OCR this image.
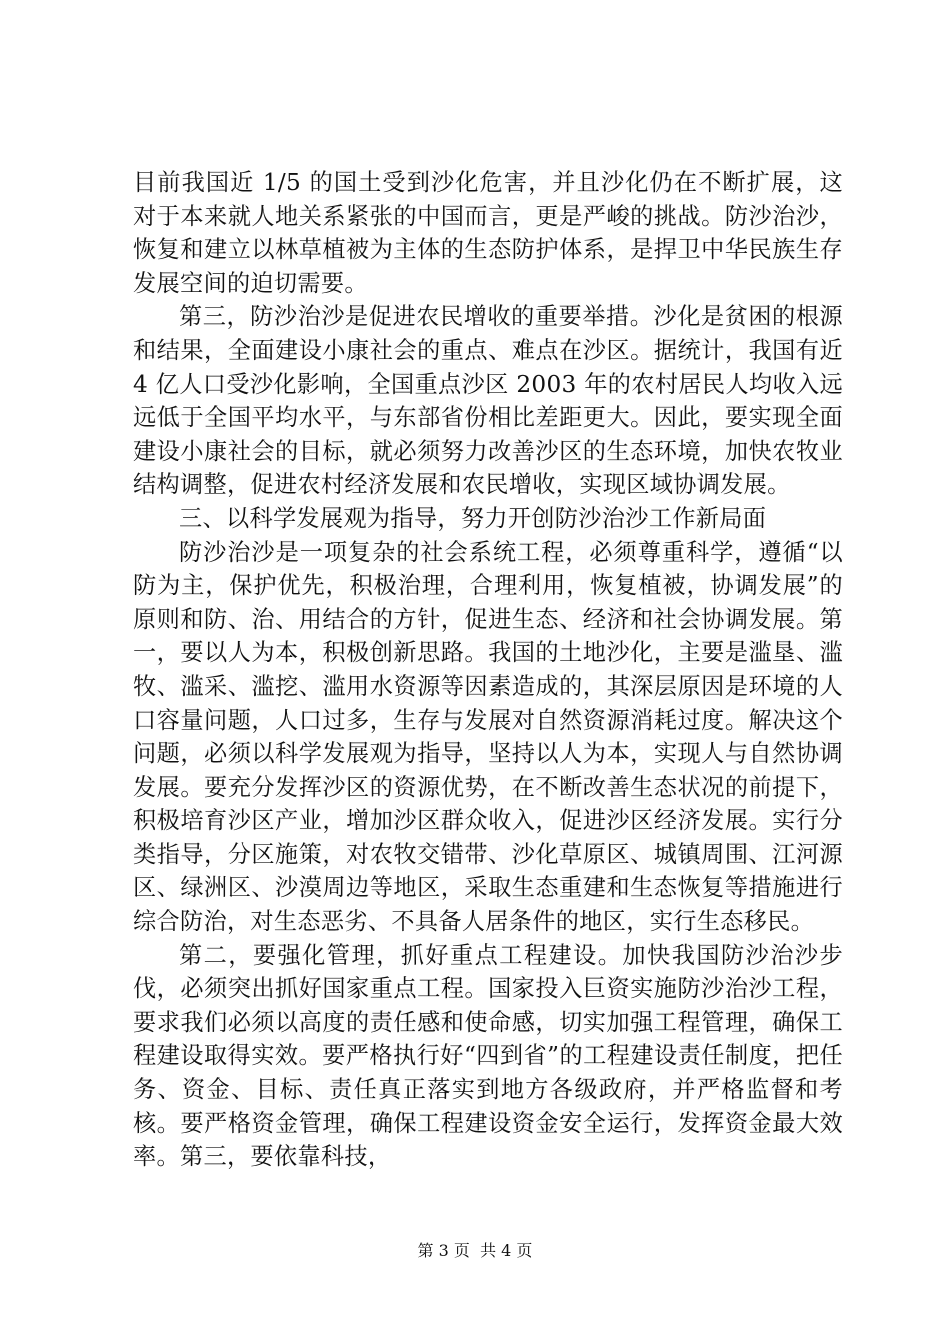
目前我国近 1/5 的国土受到沙化危害，并且沙化仍在不断扩展，这对于本来就人地关系紧张的中国而言，更是严峻的挑战。防沙治沙，恢复和建立以林草植被为主体的生态防护体系，是捍卫中华民族生存发展空间的迫切需要。

第三，防沙治沙是促进农民增收的重要举措。沙化是贫困的根源和结果，全面建设小康社会的重点、难点在沙区。据统计，我国有近 4 亿人口受沙化影响，全国重点沙区 2003 年的农村居民人均收入远远低于全国平均水平，与东部省份相比差距更大。因此，要实现全面建设小康社会的目标，就必须努力改善沙区的生态环境，加快农牧业结构调整，促进农村经济发展和农民增收，实现区域协调发展。

三、以科学发展观为指导，努力开创防沙治沙工作新局面

防沙治沙是一项复杂的社会系统工程，必须尊重科学，遵循“以防为主，保护优先，积极治理，合理利用，恢复植被，协调发展”的原则和防、治、用结合的方针，促进生态、经济和社会协调发展。第一，要以人为本，积极创新思路。我国的土地沙化，主要是滥垦、滥牧、滥采、滥挖、滥用水资源等因素造成的，其深层原因是环境的人口容量问题，人口过多，生存与发展对自然资源消耗过度。解决这个问题，必须以科学发展观为指导，坚持以人为本，实现人与自然协调发展。要充分发挥沙区的资源优势，在不断改善生态状况的前提下，积极培育沙区产业，增加沙区群众收入，促进沙区经济发展。实行分类指导，分区施策，对农牧交错带、沙化草原区、城镇周围、江河源区、绿洲区、沙漠周边等地区，采取生态重建和生态恢复等措施进行综合防治，对生态恶劣、不具备人居条件的地区，实行生态移民。

第二，要强化管理，抓好重点工程建设。加快我国防沙治沙步伐，必须突出抓好国家重点工程。国家投入巨资实施防沙治沙工程，要求我们必须以高度的责任感和使命感，切实加强工程管理，确保工程建设取得实效。要严格执行好“四到省”的工程建设责任制度，把任务、资金、目标、责任真正落实到地方各级政府，并严格监督和考核。要严格资金管理，确保工程建设资金安全运行，发挥资金最大效率。第三，要依靠科技，

第 3 页  共 4 页
